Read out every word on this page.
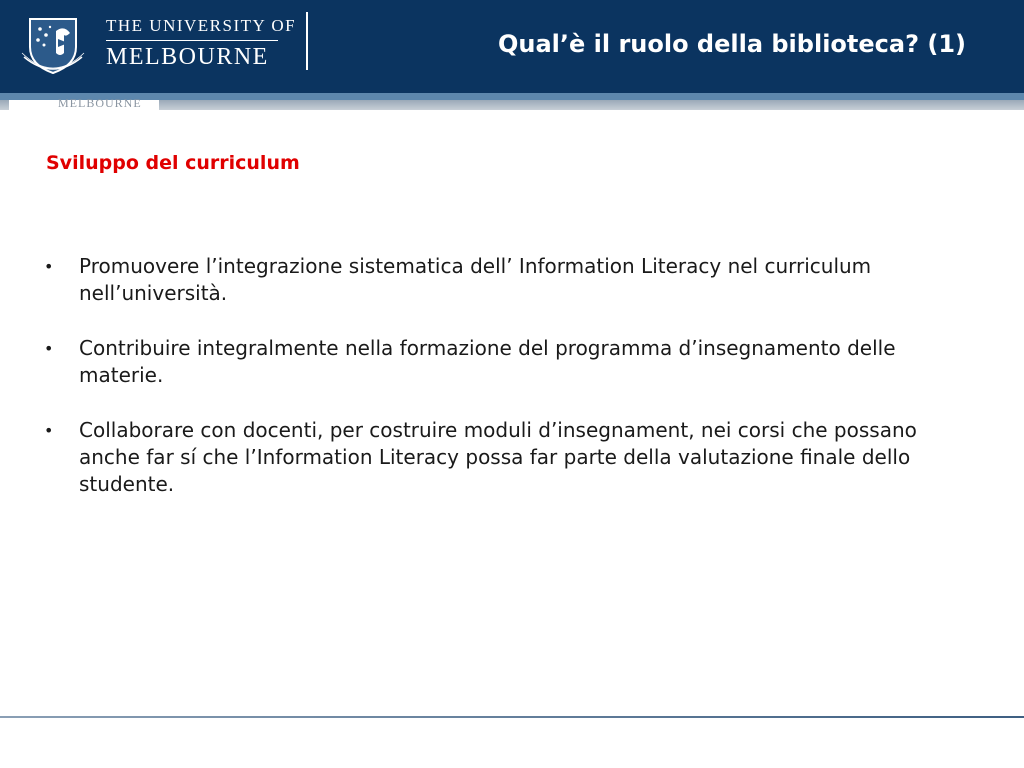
MELBOURNE
THE UNIVERSITY OF
MELBOURNE	Qual’è il ruolo della biblioteca? (1)
Sviluppo del curriculum
• Promuovere l’integrazione sistematica dell’ Information Literacy nel curriculum nell’università.
• Contribuire integralmente nella formazione del programma d’insegnamento delle materie.
• Collaborare con docenti, per costruire moduli d’insegnament, nei corsi che possano anche far sí che l’Information Literacy possa far parte della valutazione finale dello studente.
